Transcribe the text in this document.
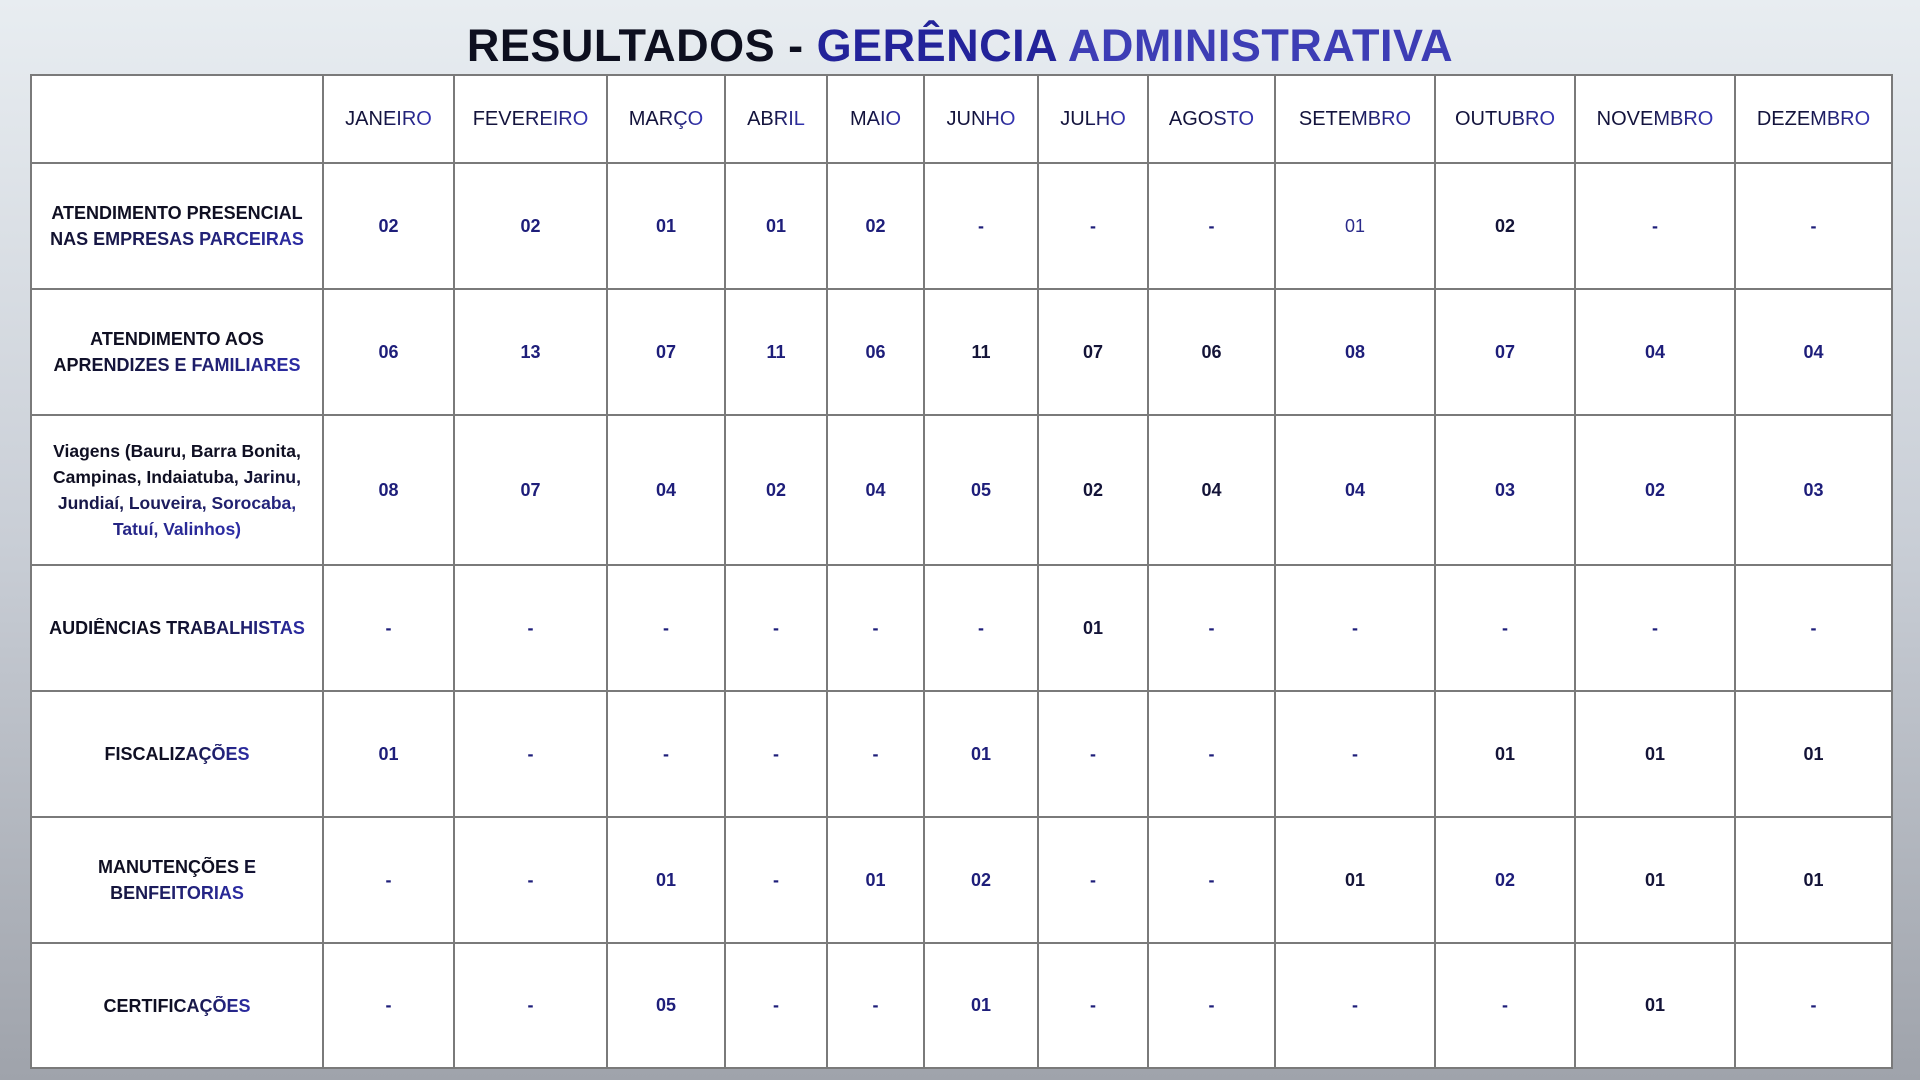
RESULTADOS - GERÊNCIA ADMINISTRATIVA
	JANEIRO	FEVEREIRO	MARÇO	ABRIL	MAIO	JUNHO	JULHO	AGOSTO	SETEMBRO	OUTUBRO	NOVEMBRO	DEZEMBRO
ATENDIMENTO PRESENCIAL NAS EMPRESAS PARCEIRAS	02	02	01	01	02	-	-	-	01	02	-	-
ATENDIMENTO AOS APRENDIZES E FAMILIARES	06	13	07	11	06	11	07	06	08	07	04	04
Viagens (Bauru, Barra Bonita, Campinas, Indaiatuba, Jarinu, Jundiaí, Louveira, Sorocaba, Tatuí, Valinhos)	08	07	04	02	04	05	02	04	04	03	02	03
AUDIÊNCIAS TRABALHISTAS	-	-	-	-	-	-	01	-	-	-	-	-
FISCALIZAÇÕES	01	-	-	-	-	01	-	-	-	01	01	01
MANUTENÇÕES E BENFEITORIAS	-	-	01	-	01	02	-	-	01	02	01	01
CERTIFICAÇÕES	-	-	05	-	-	01	-	-	-	-	01	-
